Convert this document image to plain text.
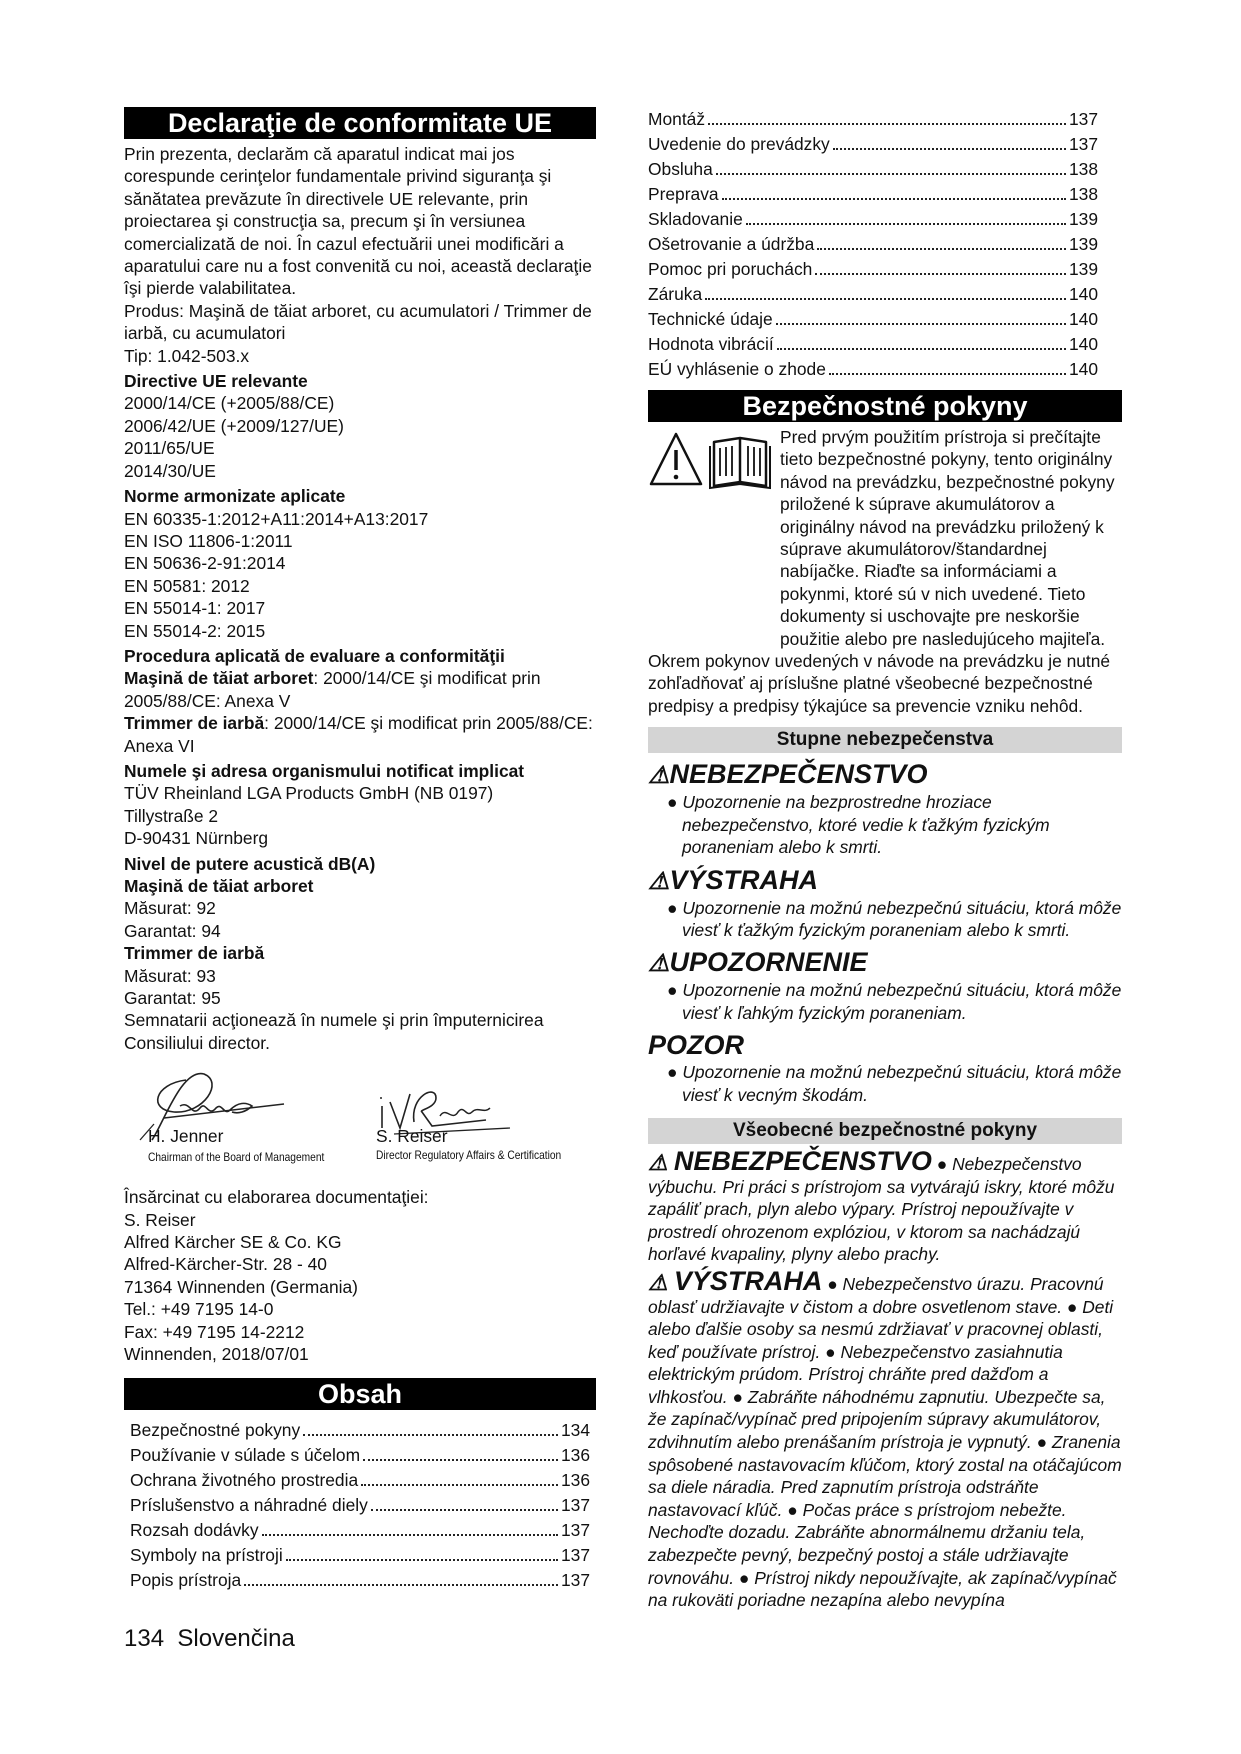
Declaraţie de conformitate UE
Prin prezenta, declarăm că aparatul indicat mai jos corespunde cerinţelor fundamentale privind siguranţa şi sănătatea prevăzute în directivele UE relevante, prin proiectarea şi construcţia sa, precum şi în versiunea comercializată de noi. În cazul efectuării unei modificări a aparatului care nu a fost convenită cu noi, această declaraţie îşi pierde valabilitatea.
Produs: Maşină de tăiat arboret, cu acumulatori / Trimmer de iarbă, cu acumulatori
Tip: 1.042-503.x
Directive UE relevante
2000/14/CE (+2005/88/CE)
2006/42/UE (+2009/127/UE)
2011/65/UE
2014/30/UE
Norme armonizate aplicate
EN 60335-1:2012+A11:2014+A13:2017
EN ISO 11806-1:2011
EN 50636-2-91:2014
EN 50581: 2012
EN 55014-1: 2017
EN 55014-2: 2015
Procedura aplicată de evaluare a conformităţii
Maşină de tăiat arboret: 2000/14/CE şi modificat prin 2005/88/CE: Anexa V
Trimmer de iarbă: 2000/14/CE şi modificat prin 2005/88/CE: Anexa VI
Numele şi adresa organismului notificat implicat
TÜV Rheinland LGA Products GmbH (NB 0197)
Tillystraße 2
D-90431 Nürnberg
Nivel de putere acustică dB(A)
Maşină de tăiat arboret
Măsurat: 92
Garantat: 94
Trimmer de iarbă
Măsurat: 93
Garantat: 95
Semnatarii acţionează în numele şi prin împuternicirea Consiliului director.
H. Jenner
Chairman of the Board of Management
S. Reiser
Director Regulatory Affairs & Certification
Însărcinat cu elaborarea documentaţiei:
S. Reiser
Alfred Kärcher SE & Co. KG
Alfred-Kärcher-Str. 28 - 40
71364 Winnenden (Germania)
Tel.: +49 7195 14-0
Fax: +49 7195 14-2212
Winnenden, 2018/07/01
Obsah
Bezpečnostné pokyny	134
Používanie v súlade s účelom	136
Ochrana životného prostredia	136
Príslušenstvo a náhradné diely	137
Rozsah dodávky	137
Symboly na prístroji	137
Popis prístroja	137
Montáž	137
Uvedenie do prevádzky	137
Obsluha	138
Preprava	138
Skladovanie	139
Ošetrovanie a údržba	139
Pomoc pri poruchách	139
Záruka	140
Technické údaje	140
Hodnota vibrácií	140
EÚ vyhlásenie o zhode	140
Bezpečnostné pokyny
Pred prvým použitím prístroja si prečítajte tieto bezpečnostné pokyny, tento originálny návod na prevádzku, bezpečnostné pokyny priložené k súprave akumulátorov a originálny návod na prevádzku priložený k súprave akumulátorov/štandardnej nabíjačke. Riaďte sa informáciami a pokynmi, ktoré sú v nich uvedené. Tieto dokumenty si uschovajte pre neskoršie použitie alebo pre nasledujúceho majiteľa.
Okrem pokynov uvedených v návode na prevádzku je nutné zohľadňovať aj príslušne platné všeobecné bezpečnostné predpisy a predpisy týkajúce sa prevencie vzniku nehôd.
Stupne nebezpečenstva
⚠NEBEZPEČENSTVO
● Upozornenie na bezprostredne hroziace nebezpečenstvo, ktoré vedie k ťažkým fyzickým poraneniam alebo k smrti.
⚠VÝSTRAHA
● Upozornenie na možnú nebezpečnú situáciu, ktorá môže viesť k ťažkým fyzickým poraneniam alebo k smrti.
⚠UPOZORNENIE
● Upozornenie na možnú nebezpečnú situáciu, ktorá môže viesť k ľahkým fyzickým poraneniam.
POZOR
● Upozornenie na možnú nebezpečnú situáciu, ktorá môže viesť k vecným škodám.
Všeobecné bezpečnostné pokyny
⚠ NEBEZPEČENSTVO ● Nebezpečenstvo výbuchu. Pri práci s prístrojom sa vytvárajú iskry, ktoré môžu zapáliť prach, plyn alebo výpary. Prístroj nepoužívajte v prostredí ohrozenom explóziou, v ktorom sa nachádzajú horľavé kvapaliny, plyny alebo prachy.
⚠ VÝSTRAHA ● Nebezpečenstvo úrazu. Pracovnú oblasť udržiavajte v čistom a dobre osvetlenom stave. ● Deti alebo ďalšie osoby sa nesmú zdržiavať v pracovnej oblasti, keď používate prístroj. ● Nebezpečenstvo zasiahnutia elektrickým prúdom. Prístroj chráňte pred dažďom a vlhkosťou. ● Zabráňte náhodnému zapnutiu. Ubezpečte sa, že zapínač/vypínač pred pripojením súpravy akumulátorov, zdvihnutím alebo prenášaním prístroja je vypnutý. ● Zranenia spôsobené nastavovacím kľúčom, ktorý zostal na otáčajúcom sa diele náradia. Pred zapnutím prístroja odstráňte nastavovací kľúč. ● Počas práce s prístrojom nebežte. Nechoďte dozadu. Zabráňte abnormálnemu držaniu tela, zabezpečte pevný, bezpečný postoj a stále udržiavajte rovnováhu. ● Prístroj nikdy nepoužívajte, ak zapínač/vypínač na rukoväti poriadne nezapína alebo nevypína
134 Slovenčina
